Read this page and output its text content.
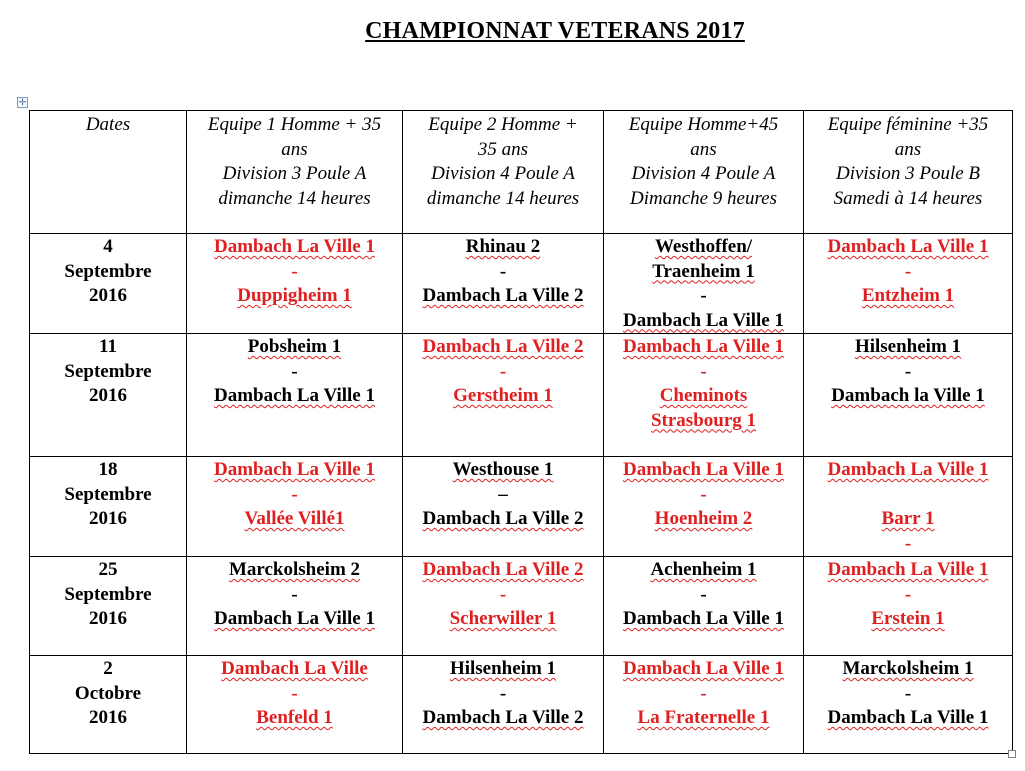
CHAMPIONNAT VETERANS 2017
✛
Dates	Equipe 1 Homme + 35
ans
Division 3 Poule A
dimanche 14 heures	Equipe 2 Homme +
35 ans
Division 4 Poule A
dimanche 14 heures	Equipe Homme+45
ans
Division 4 Poule A
Dimanche 9 heures	Equipe féminine +35
ans
Division 3 Poule B
Samedi à 14 heures

4
Septembre
2016	Dambach La Ville 1
-
Duppigheim 1	Rhinau 2
-
Dambach La Ville 2	Westhoffen/
Traenheim 1
-
Dambach La Ville 1	Dambach La Ville 1
-
Entzheim 1

11
Septembre
2016	Pobsheim 1
-
Dambach La Ville 1	Dambach La Ville 2
-
Gerstheim 1	Dambach La Ville 1
-
Cheminots
Strasbourg 1	Hilsenheim 1
-
Dambach la Ville 1

18
Septembre
2016	Dambach La Ville 1
-
Vallée Villé1	Westhouse 1
–
Dambach La Ville 2	Dambach La Ville 1
-
Hoenheim 2	Dambach La Ville 1

Barr 1
-

25
Septembre
2016	Marckolsheim 2
-
Dambach La Ville 1	Dambach La Ville 2
-
Scherwiller 1	Achenheim 1
-
Dambach La Ville 1	Dambach La Ville 1
-
Erstein 1

2
Octobre
2016	Dambach La Ville
-
Benfeld 1	Hilsenheim 1
-
Dambach La Ville 2	Dambach La Ville 1
-
La Fraternelle 1	Marckolsheim 1
-
Dambach La Ville 1
